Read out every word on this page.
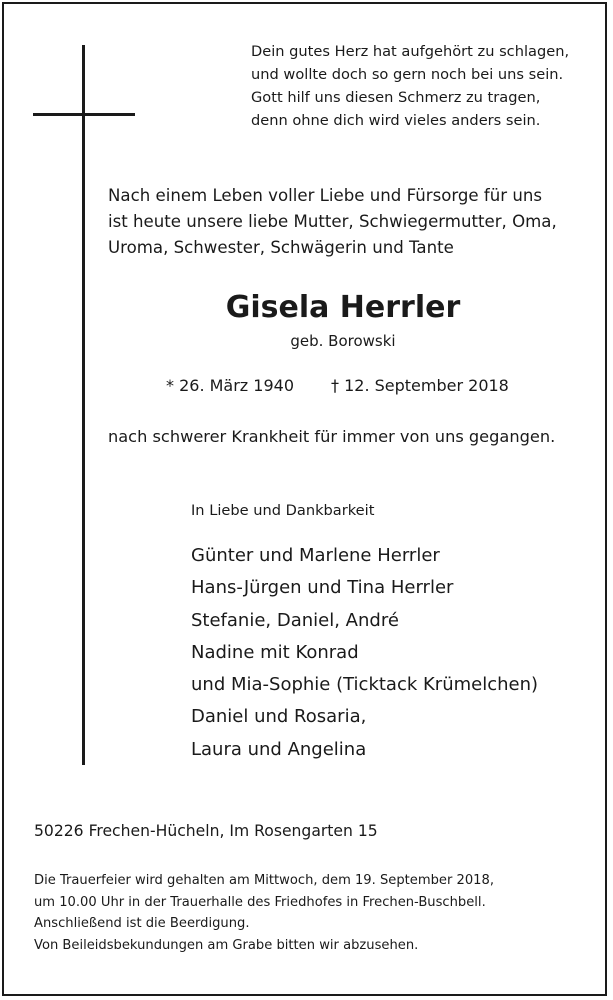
Dein gutes Herz hat aufgehört zu schlagen,
und wollte doch so gern noch bei uns sein.
Gott hilf uns diesen Schmerz zu tragen,
denn ohne dich wird vieles anders sein.
Nach einem Leben voller Liebe und Fürsorge für uns
ist heute unsere liebe Mutter, Schwiegermutter, Oma,
Uroma, Schwester, Schwägerin und Tante
Gisela Herrler
geb. Borowski
* 26. März 1940 † 12. September 2018
nach schwerer Krankheit für immer von uns gegangen.
In Liebe und Dankbarkeit
Günter und Marlene Herrler
Hans-Jürgen und Tina Herrler
Stefanie, Daniel, André
Nadine mit Konrad
und Mia-Sophie (Ticktack Krümelchen)
Daniel und Rosaria,
Laura und Angelina
50226 Frechen-Hücheln, Im Rosengarten 15
Die Trauerfeier wird gehalten am Mittwoch, dem 19. September 2018,
um 10.00 Uhr in der Trauerhalle des Friedhofes in Frechen-Buschbell.
Anschließend ist die Beerdigung.
Von Beileidsbekundungen am Grabe bitten wir abzusehen.
